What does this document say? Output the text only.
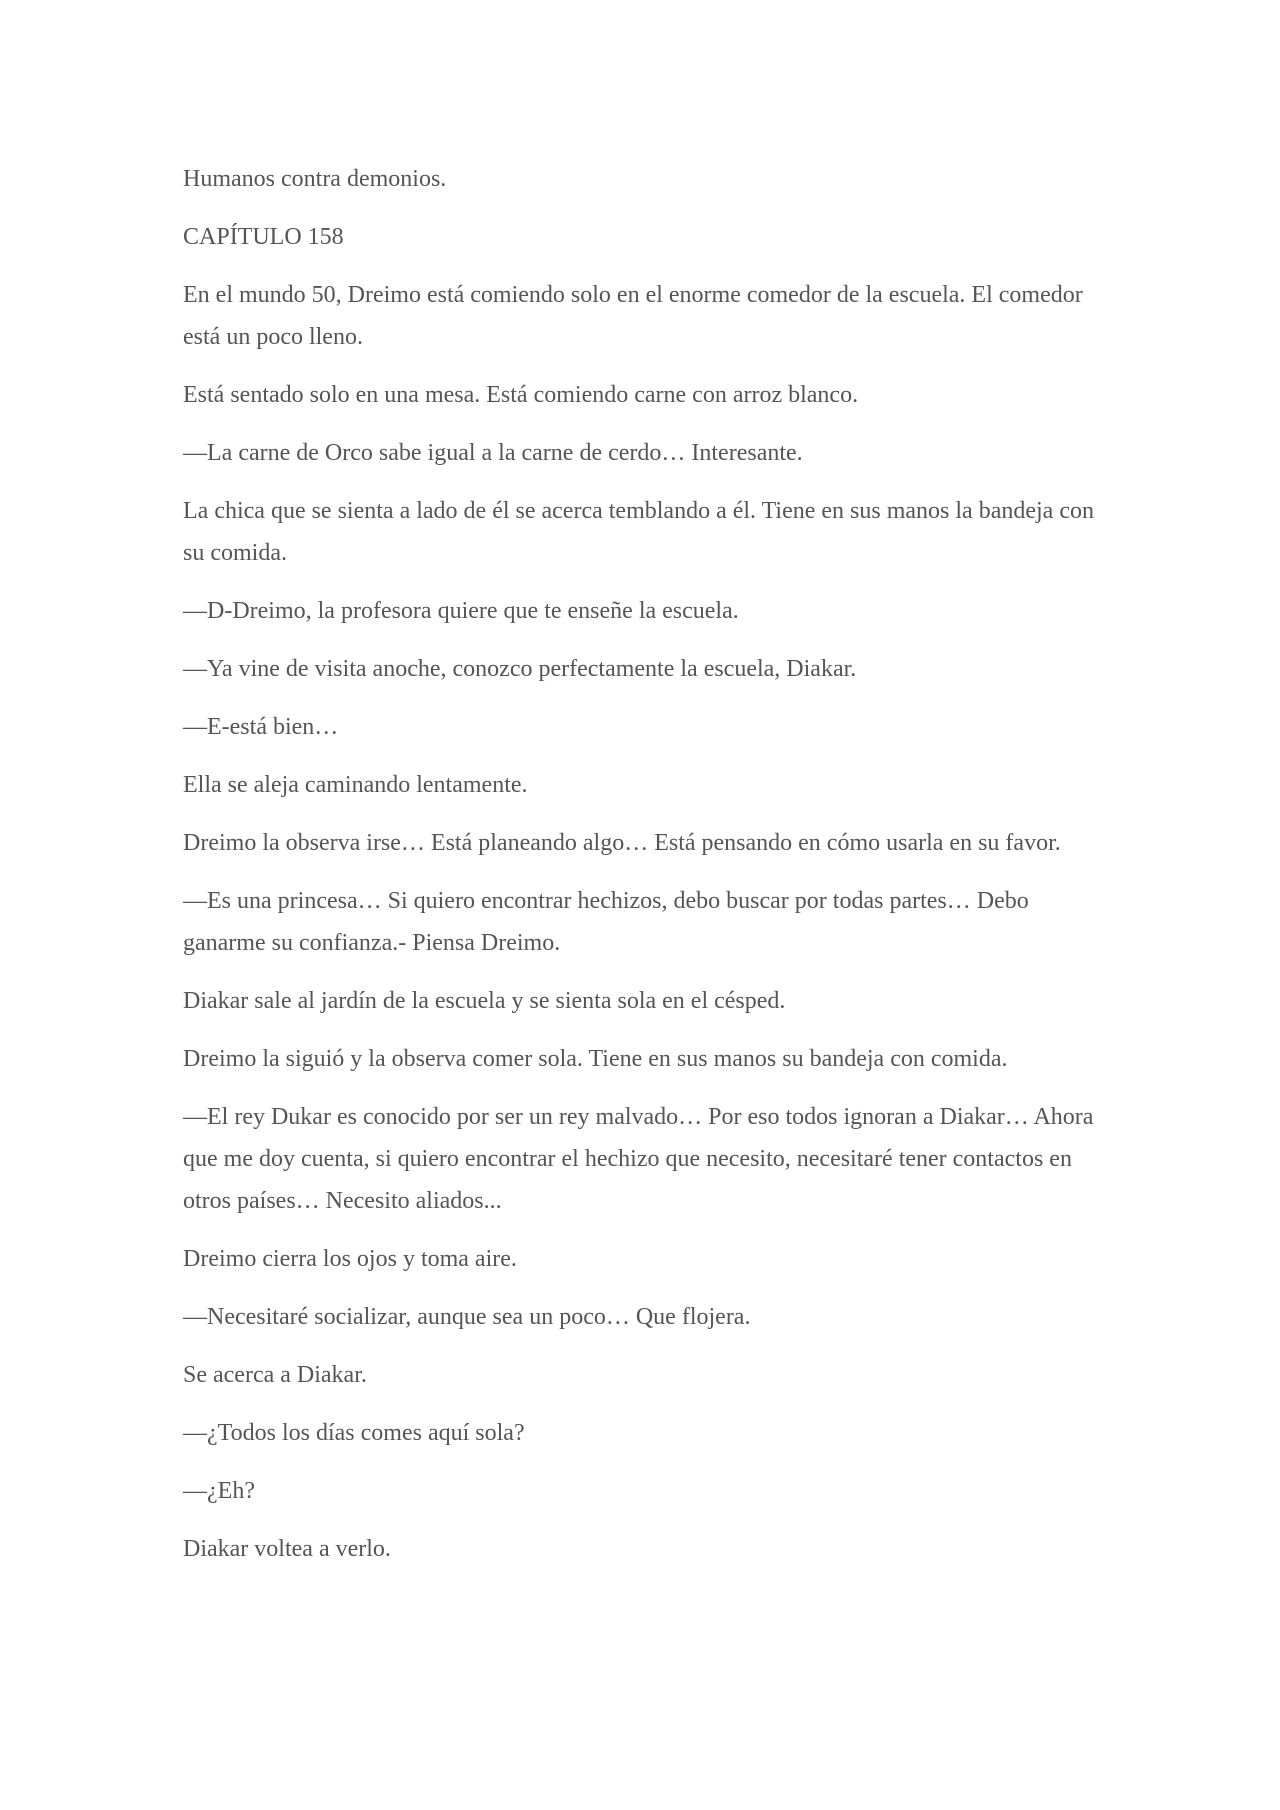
Humanos contra demonios.

CAPÍTULO 158

En el mundo 50, Dreimo está comiendo solo en el enorme comedor de la escuela. El comedor está un poco lleno.

Está sentado solo en una mesa. Está comiendo carne con arroz blanco.

—La carne de Orco sabe igual a la carne de cerdo… Interesante.

La chica que se sienta a lado de él se acerca temblando a él. Tiene en sus manos la bandeja con su comida.

—D-Dreimo, la profesora quiere que te enseñe la escuela.

—Ya vine de visita anoche, conozco perfectamente la escuela, Diakar.

—E-está bien…

Ella se aleja caminando lentamente.

Dreimo la observa irse… Está planeando algo… Está pensando en cómo usarla en su favor.

—Es una princesa… Si quiero encontrar hechizos, debo buscar por todas partes… Debo ganarme su confianza.- Piensa Dreimo.

Diakar sale al jardín de la escuela y se sienta sola en el césped.

Dreimo la siguió y la observa comer sola. Tiene en sus manos su bandeja con comida.

—El rey Dukar es conocido por ser un rey malvado… Por eso todos ignoran a Diakar… Ahora que me doy cuenta, si quiero encontrar el hechizo que necesito, necesitaré tener contactos en otros países… Necesito aliados...

Dreimo cierra los ojos y toma aire.

—Necesitaré socializar, aunque sea un poco… Que flojera.

Se acerca a Diakar.

—¿Todos los días comes aquí sola?

—¿Eh?

Diakar voltea a verlo.
